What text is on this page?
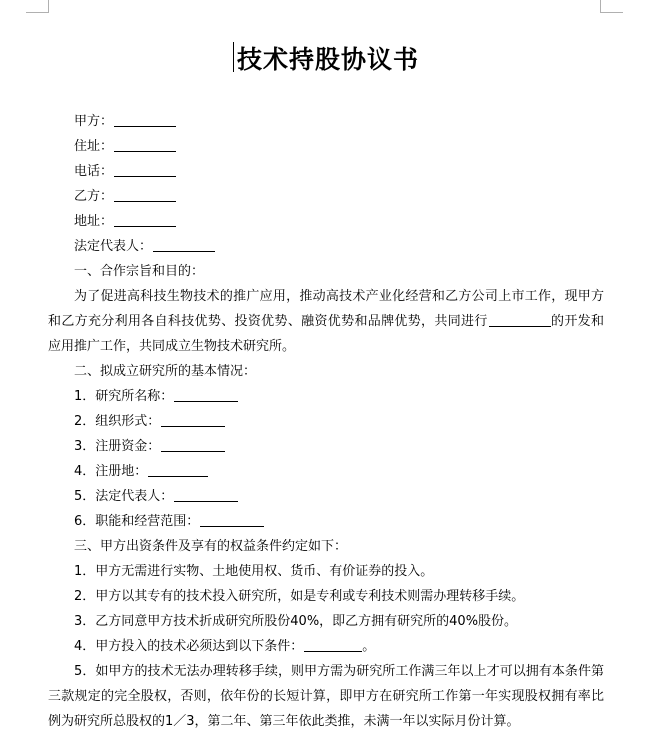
技术持股协议书
甲方：
住址：
电话：
乙方：
地址：
法定代表人：
一、合作宗旨和目的：
为了促进高科技生物技术的推广应用，推动高技术产业化经营和乙方公司上市工作，现甲方和乙方充分利用各自科技优势、投资优势、融资优势和品牌优势，共同进行	的开发和应用推广工作，共同成立生物技术研究所。
二、拟成立研究所的基本情况：
1．研究所名称：
2．组织形式：
3．注册资金：
4．注册地：
5．法定代表人：
6．职能和经营范围：
三、甲方出资条件及享有的权益条件约定如下：
1．甲方无需进行实物、土地使用权、货币、有价证券的投入。
2．甲方以其专有的技术投入研究所，如是专利或专利技术则需办理转移手续。
3．乙方同意甲方技术折成研究所股份40%，即乙方拥有研究所的40%股份。
4．甲方投入的技术必须达到以下条件：	。
5．如甲方的技术无法办理转移手续，则甲方需为研究所工作满三年以上才可以拥有本条件第三款规定的完全股权，否则，依年份的长短计算，即甲方在研究所工作第一年实现股权拥有率比例为研究所总股权的1／3，第二年、第三年依此类推，未满一年以实际月份计算。
